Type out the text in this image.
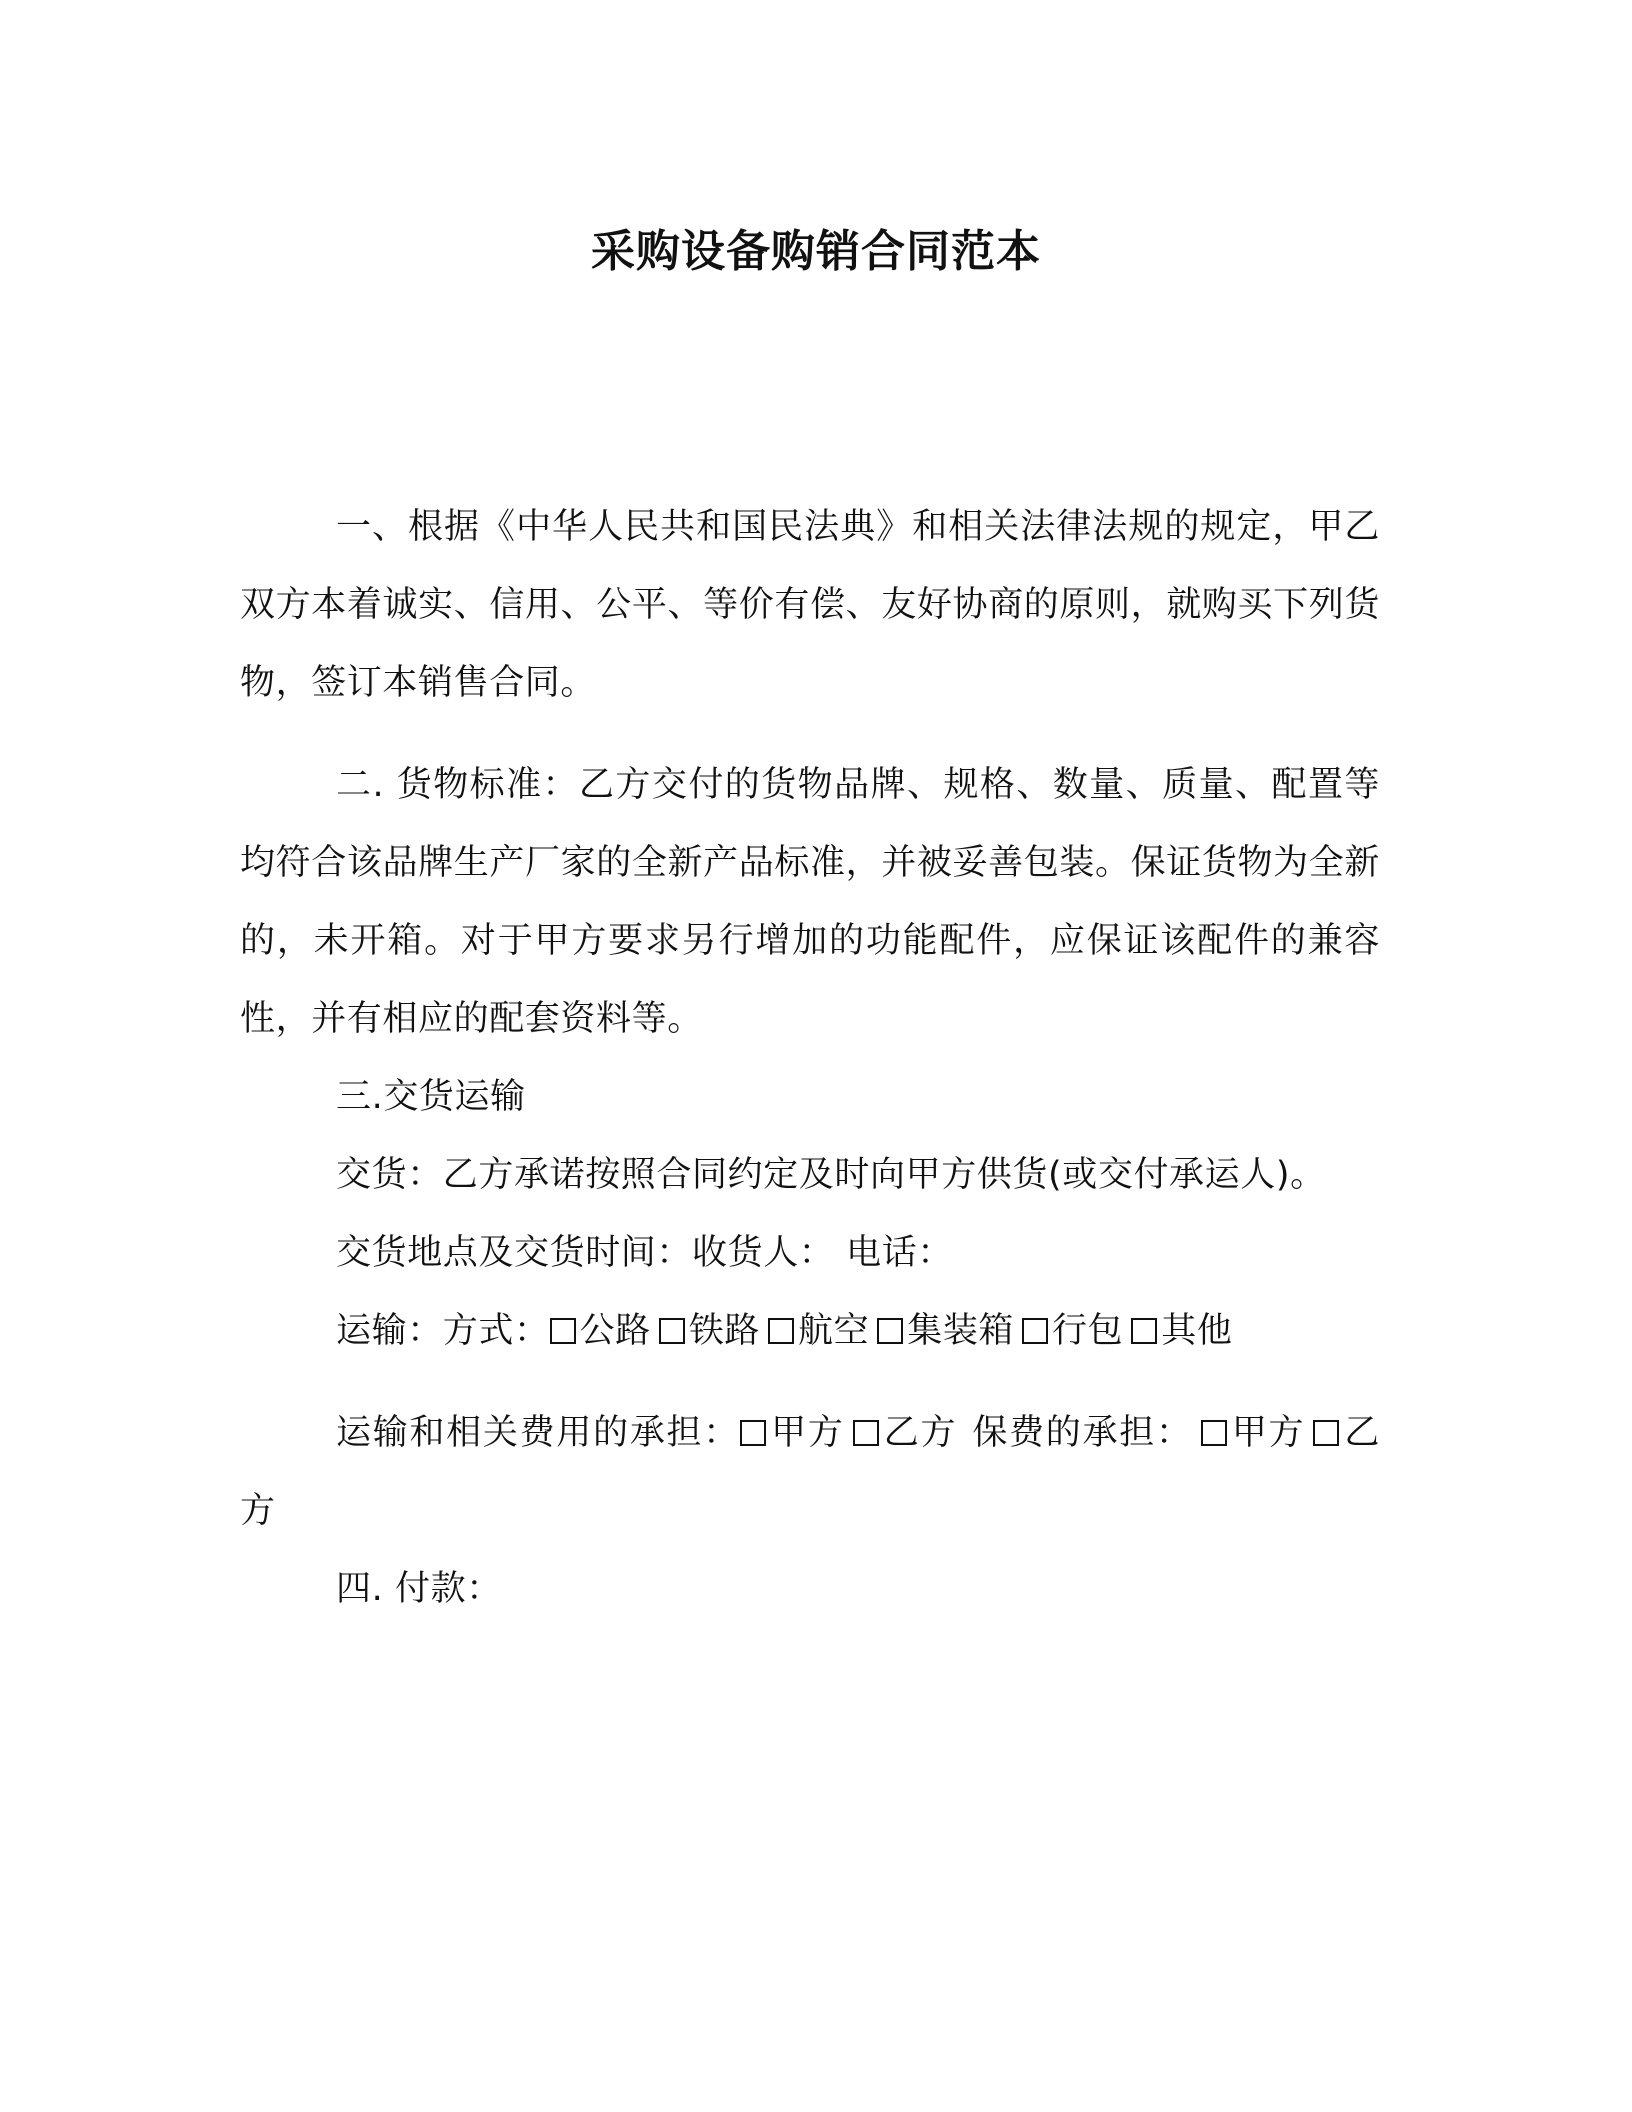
采购设备购销合同范本

一、根据《中华人民共和国民法典》和相关法律法规的规定，甲乙双方本着诚实、信用、公平、等价有偿、友好协商的原则，就购买下列货物，签订本销售合同。

二. 货物标准：乙方交付的货物品牌、规格、数量、质量、配置等均符合该品牌生产厂家的全新产品标准，并被妥善包装。保证货物为全新的，未开箱。对于甲方要求另行增加的功能配件，应保证该配件的兼容性，并有相应的配套资料等。

三.交货运输

交货：乙方承诺按照合同约定及时向甲方供货(或交付承运人)。

交货地点及交货时间：收货人： 电话：

运输：方式： 公路 铁路 航空 集装箱 行包 其他

运输和相关费用的承担： 甲方 乙方 保费的承担： 甲方 乙方

四. 付款：
